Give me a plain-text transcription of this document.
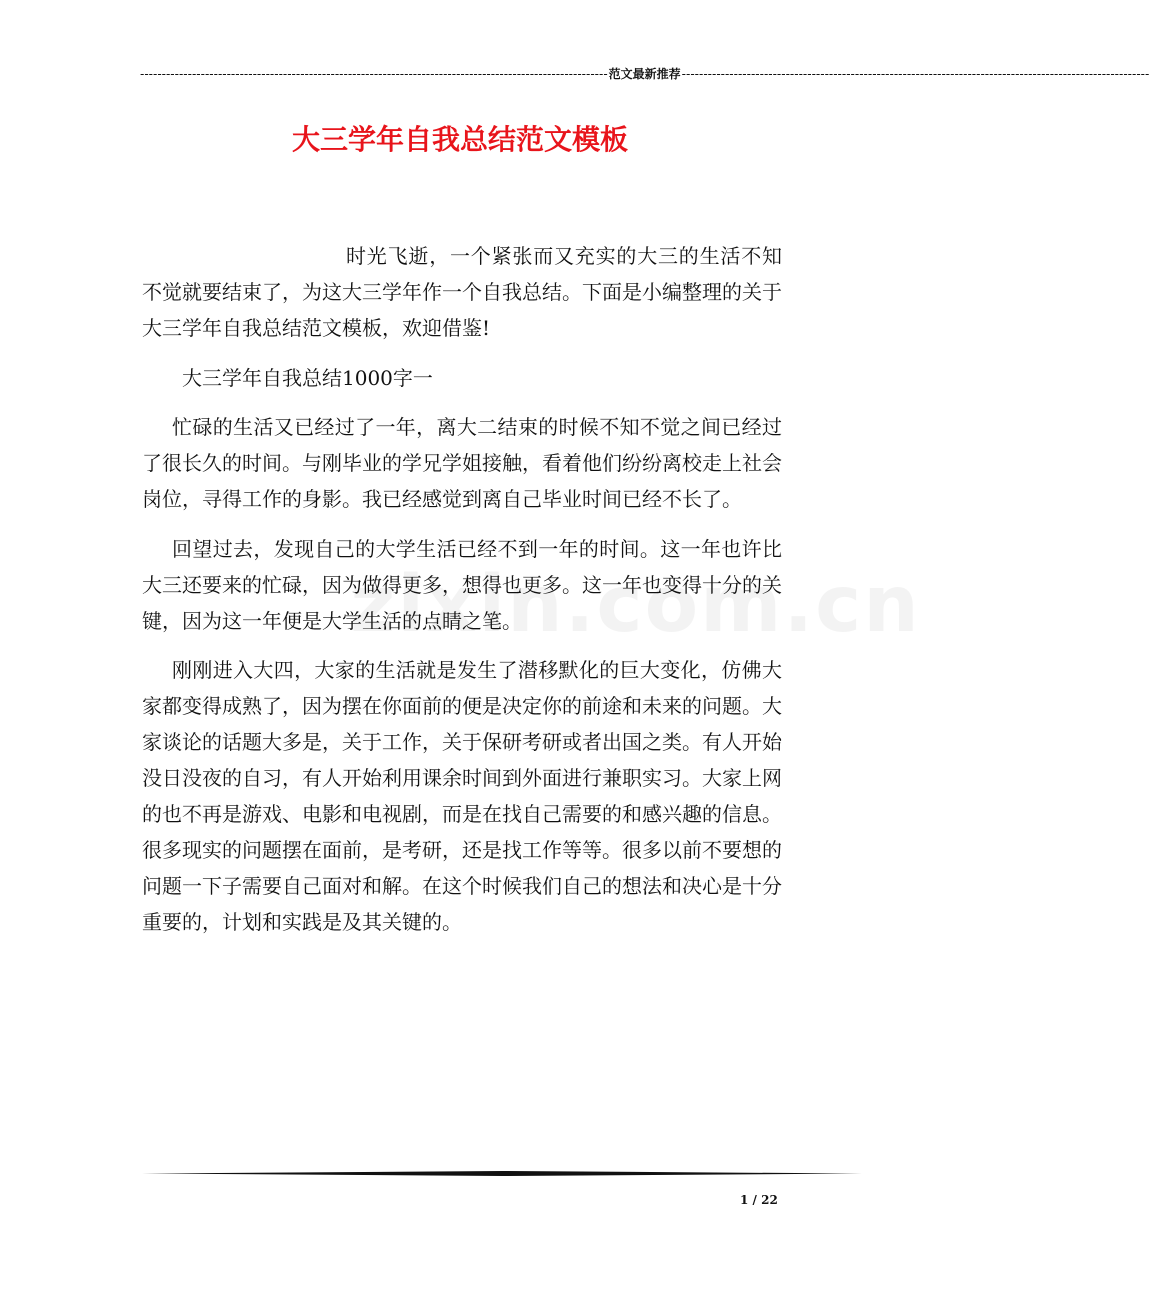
------------------------------------------------------------------------------------------------------------ 范文最新推荐 ------------------------------------------------------------------------------------------------------------
大三学年自我总结范文模板

时光飞逝，一个紧张而又充实的大三的生活不知不觉就要结束了，为这大三学年作一个自我总结。下面是小编整理的关于大三学年自我总结范文模板，欢迎借鉴!

大三学年自我总结1000字一

忙碌的生活又已经过了一年，离大二结束的时候不知不觉之间已经过了很长久的时间。与刚毕业的学兄学姐接触，看着他们纷纷离校走上社会岗位，寻得工作的身影。我已经感觉到离自己毕业时间已经不长了。

回望过去，发现自己的大学生活已经不到一年的时间。这一年也许比大三还要来的忙碌，因为做得更多，想得也更多。这一年也变得十分的关键，因为这一年便是大学生活的点睛之笔。

刚刚进入大四，大家的生活就是发生了潜移默化的巨大变化，仿佛大家都变得成熟了，因为摆在你面前的便是决定你的前途和未来的问题。大家谈论的话题大多是，关于工作，关于保研考研或者出国之类。有人开始没日没夜的自习，有人开始利用课余时间到外面进行兼职实习。大家上网的也不再是游戏、电影和电视剧，而是在找自己需要的和感兴趣的信息。很多现实的问题摆在面前，是考研，还是找工作等等。很多以前不要想的问题一下子需要自己面对和解。在这个时候我们自己的想法和决心是十分重要的，计划和实践是及其关键的。

1 / 22
